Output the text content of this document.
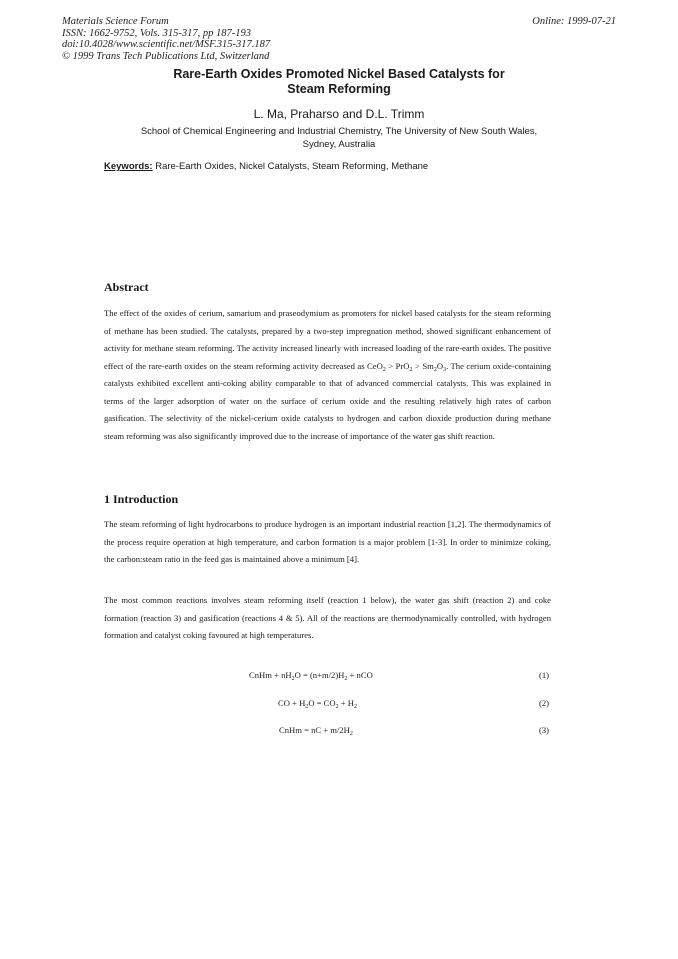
Materials Science Forum
ISSN: 1662-9752, Vols. 315-317, pp 187-193
doi:10.4028/www.scientific.net/MSF.315-317.187
© 1999 Trans Tech Publications Ltd, Switzerland
Online: 1999-07-21
Rare-Earth Oxides Promoted Nickel Based Catalysts for
Steam Reforming
L. Ma, Praharso and D.L. Trimm
School of Chemical Engineering and Industrial Chemistry, The University of New South Wales,
Sydney, Australia
Keywords: Rare-Earth Oxides, Nickel Catalysts, Steam Reforming, Methane
Abstract
The effect of the oxides of cerium, samarium and praseodymium as promoters for nickel based catalysts for the steam reforming of methane has been studied. The catalysts, prepared by a two-step impregnation method, showed significant enhancement of activity for methane steam reforming. The activity increased linearly with increased loading of the rare-earth oxides. The positive effect of the rare-earth oxides on the steam reforming activity decreased as $CeO_2 > PrO_2 > Sm_2O_3$. The cerium oxide-containing catalysts exhibited excellent anti-coking ability comparable to that of advanced commercial catalysts. This was explained in terms of the larger adsorption of water on the surface of cerium oxide and the resulting relatively high rates of carbon gasification. The selectivity of the nickel-cerium oxide catalysts to hydrogen and carbon dioxide production during methane steam reforming was also significantly improved due to the increase of importance of the water gas shift reaction.
1 Introduction
The steam reforming of light hydrocarbons to produce hydrogen is an important industrial reaction [1,2]. The thermodynamics of the process require operation at high temperature, and carbon formation is a major problem [1-3]. In order to minimize coking, the carbon:steam ratio in the feed gas is maintained above a minimum [4].
The most common reactions involves steam reforming itself (reaction 1 below), the water gas shift (reaction 2) and coke formation (reaction 3) and gasification (reactions 4 & 5). All of the reactions are thermodynamically controlled, with hydrogen formation and catalyst coking favoured at high temperatures.
CnHm + $nH_2O = (n+m/2)H_2$ + nCO	(1)
CO + $H_2O = CO_2 + H_2$	(2)
CnHm = nC + $m/2H_2$	(3)
